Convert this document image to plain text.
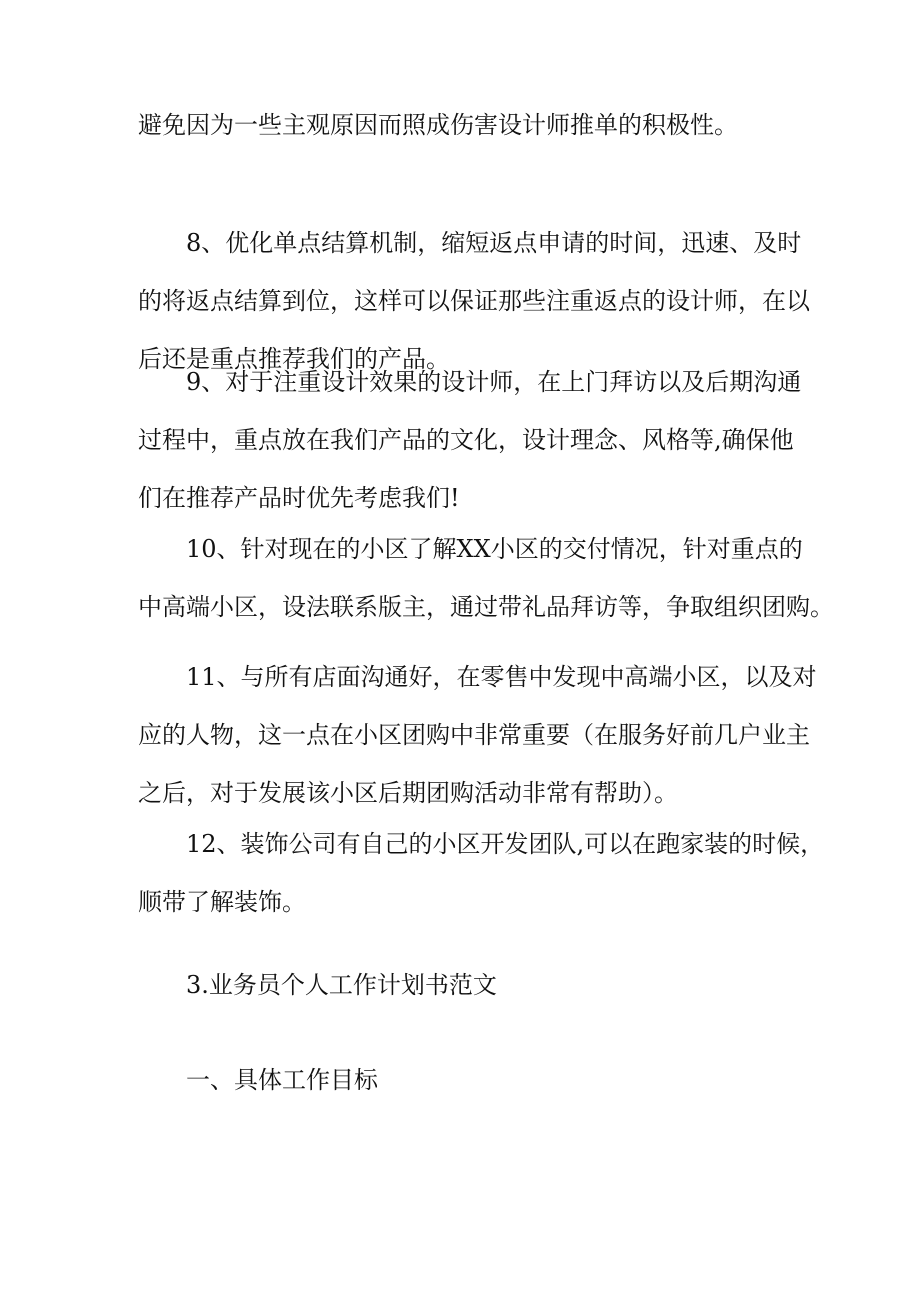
避免因为一些主观原因而照成伤害设计师推单的积极性。

8、优化单点结算机制，缩短返点申请的时间，迅速、及时
的将返点结算到位，这样可以保证那些注重返点的设计师，在以
后还是重点推荐我们的产品。

9、对于注重设计效果的设计师，在上门拜访以及后期沟通
过程中，重点放在我们产品的文化，设计理念、风格等,确保他
们在推荐产品时优先考虑我们!

10、针对现在的小区了解XX小区的交付情况，针对重点的
中高端小区，设法联系版主，通过带礼品拜访等，争取组织团购。

11、与所有店面沟通好，在零售中发现中高端小区，以及对
应的人物，这一点在小区团购中非常重要（在服务好前几户业主
之后，对于发展该小区后期团购活动非常有帮助）。

12、装饰公司有自己的小区开发团队,可以在跑家装的时候，
顺带了解装饰。

3.业务员个人工作计划书范文

一、具体工作目标
